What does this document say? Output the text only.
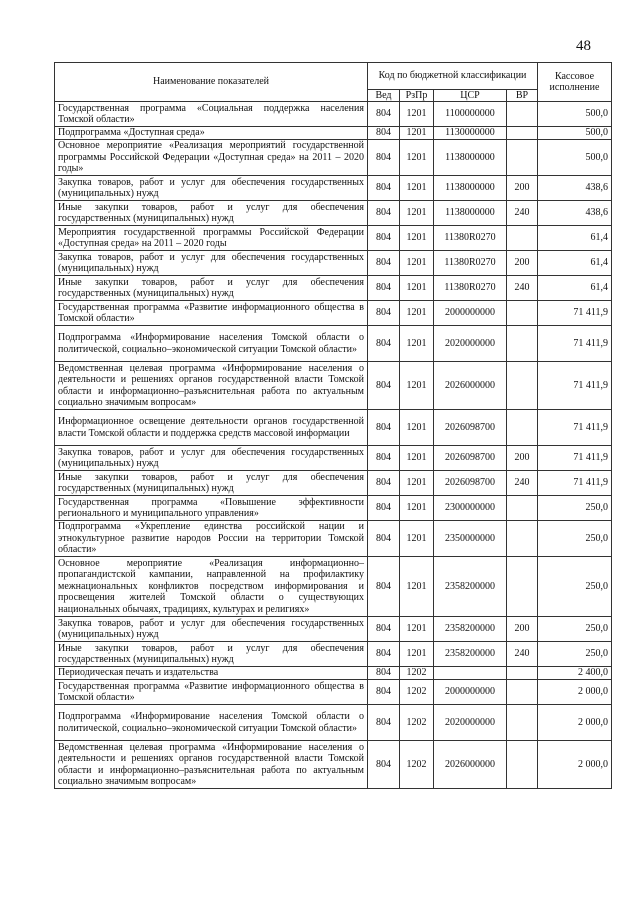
48
Наименование показателей	Код по бюджетной классификации				Кассовое исполнение
	Вед	РзПр	ЦСР	ВР	
Государственная программа «Социальная поддержка населения Томской области»	804	1201	1100000000		500,0
Подпрограмма «Доступная среда»	804	1201	1130000000		500,0
Основное мероприятие «Реализация мероприятий государственной программы Российской Федерации «Доступная среда» на 2011 – 2020 годы»	804	1201	1138000000		500,0
Закупка товаров, работ и услуг для обеспечения государственных (муниципальных) нужд	804	1201	1138000000	200	438,6
Иные закупки товаров, работ и услуг для обеспечения государственных (муниципальных) нужд	804	1201	1138000000	240	438,6
Мероприятия государственной программы Российской Федерации «Доступная среда» на 2011 – 2020 годы	804	1201	11380R0270		61,4
Закупка товаров, работ и услуг для обеспечения государственных (муниципальных) нужд	804	1201	11380R0270	200	61,4
Иные закупки товаров, работ и услуг для обеспечения государственных (муниципальных) нужд	804	1201	11380R0270	240	61,4
Государственная программа «Развитие информационного общества в Томской области»	804	1201	2000000000		71 411,9
Подпрограмма «Информирование населения Томской области о политической, социально–экономической ситуации Томской области»	804	1201	2020000000		71 411,9
Ведомственная целевая программа «Информирование населения о деятельности и решениях органов государственной власти Томской области и информационно–разъяснительная работа по актуальным социально значимым вопросам»	804	1201	2026000000		71 411,9
Информационное освещение деятельности органов государственной власти Томской области и поддержка средств массовой информации	804	1201	2026098700		71 411,9
Закупка товаров, работ и услуг для обеспечения государственных (муниципальных) нужд	804	1201	2026098700	200	71 411,9
Иные закупки товаров, работ и услуг для обеспечения государственных (муниципальных) нужд	804	1201	2026098700	240	71 411,9
Государственная программа «Повышение эффективности регионального и муниципального управления»	804	1201	2300000000		250,0
Подпрограмма «Укрепление единства российской нации и этнокультурное развитие народов России на территории Томской области»	804	1201	2350000000		250,0
Основное мероприятие «Реализация информационно–пропагандистской кампании, направленной на профилактику межнациональных конфликтов посредством информирования и просвещения жителей Томской области о существующих национальных обычаях, традициях, культурах и религиях»	804	1201	2358200000		250,0
Закупка товаров, работ и услуг для обеспечения государственных (муниципальных) нужд	804	1201	2358200000	200	250,0
Иные закупки товаров, работ и услуг для обеспечения государственных (муниципальных) нужд	804	1201	2358200000	240	250,0
Периодическая печать и издательства	804	1202			2 400,0
Государственная программа «Развитие информационного общества в Томской области»	804	1202	2000000000		2 000,0
Подпрограмма «Информирование населения Томской области о политической, социально–экономической ситуации Томской области»	804	1202	2020000000		2 000,0
Ведомственная целевая программа «Информирование населения о деятельности и решениях органов государственной власти Томской области и информационно–разъяснительная работа по актуальным социально значимым вопросам»	804	1202	2026000000		2 000,0
